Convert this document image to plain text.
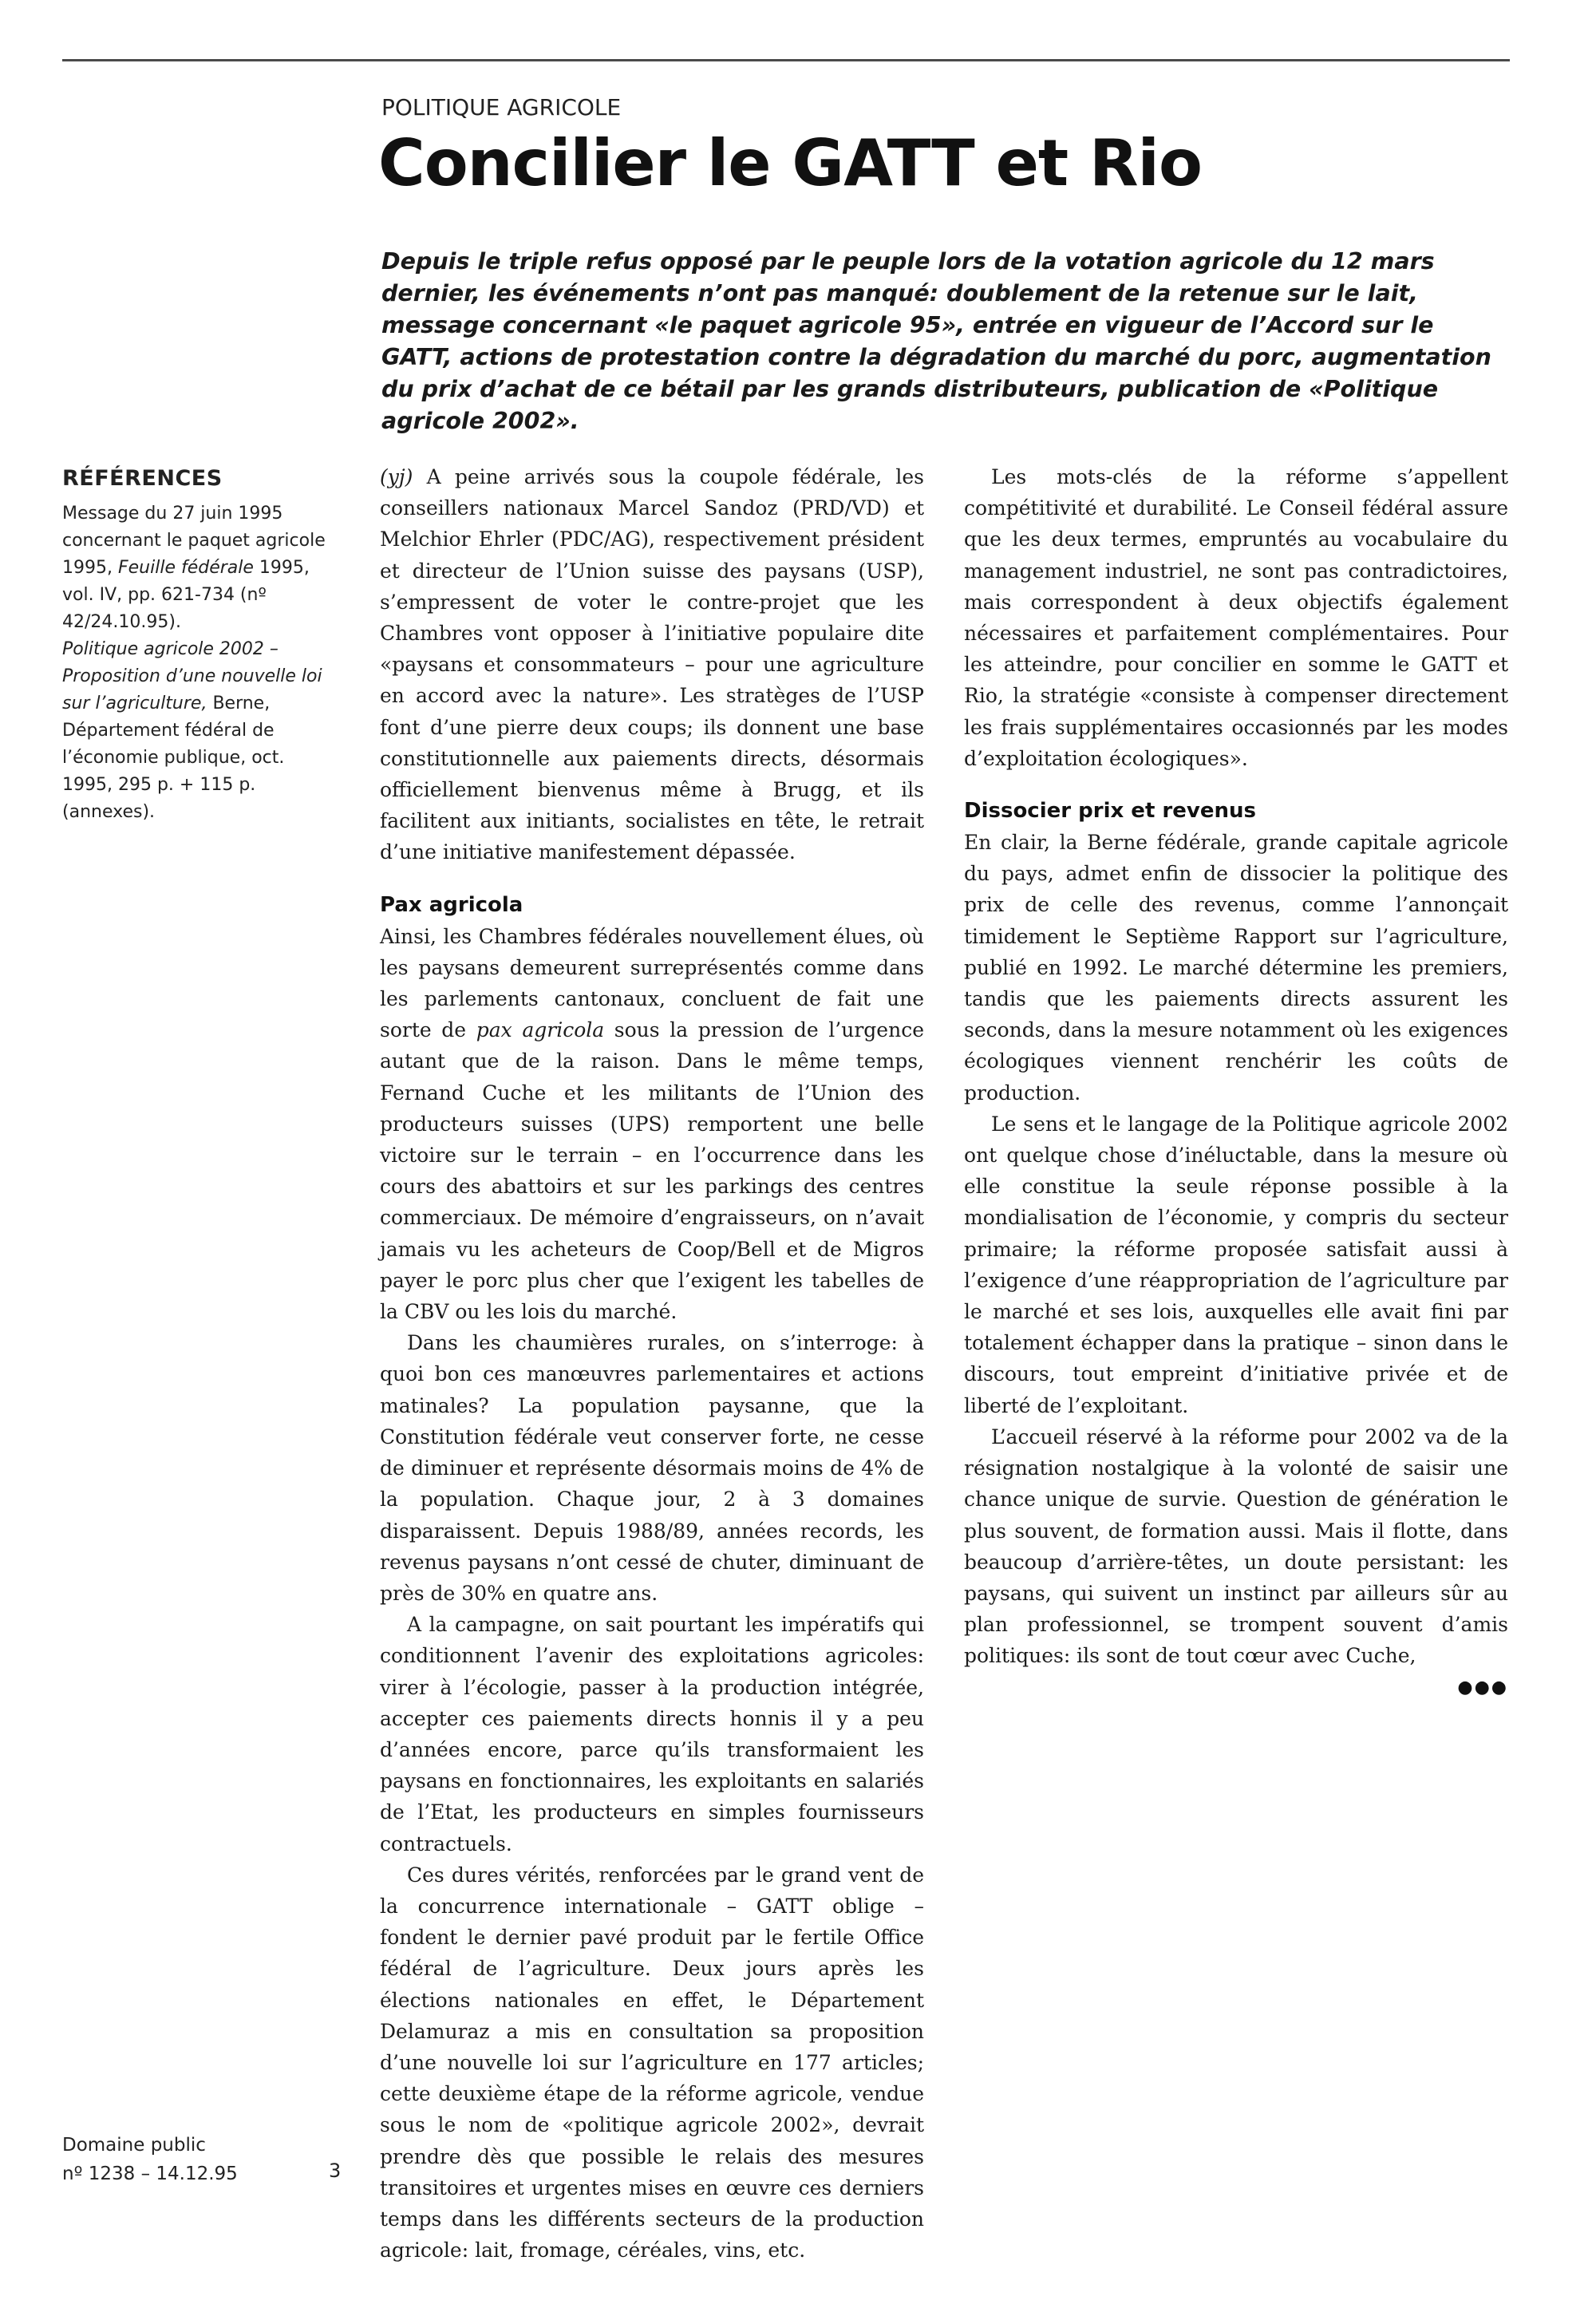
POLITIQUE AGRICOLE
Concilier le GATT et Rio

Depuis le triple refus opposé par le peuple lors de la votation agricole du 12 mars dernier, les événements n’ont pas manqué: doublement de la retenue sur le lait, message concernant «le paquet agricole 95», entrée en vigueur de l’Accord sur le GATT, actions de protestation contre la dégradation du marché du porc, augmentation du prix d’achat de ce bétail par les grands distributeurs, publication de «Politique agricole 2002».

RÉFÉRENCES

Message du 27 juin 1995 concernant le paquet agricole 1995, Feuille fédérale 1995, vol. IV, pp. 621-734 (nº 42/24.10.95).

Politique agricole 2002 – Proposition d’une nouvelle loi sur l’agriculture, Berne, Département fédéral de l’économie publique, oct. 1995, 295 p. + 115 p. (annexes).

Domaine public
nº 1238 – 14.12.95	3

(yj) A peine arrivés sous la coupole fédérale, les conseillers nationaux Marcel Sandoz (PRD/VD) et Melchior Ehrler (PDC/AG), respectivement président et directeur de l’Union suisse des paysans (USP), s’empressent de voter le contre-projet que les Chambres vont opposer à l’initiative populaire dite «paysans et consommateurs – pour une agriculture en accord avec la nature». Les stratèges de l’USP font d’une pierre deux coups; ils donnent une base constitutionnelle aux paiements directs, désormais officiellement bienvenus même à Brugg, et ils facilitent aux initiants, socialistes en tête, le retrait d’une initiative manifestement dépassée.

Pax agricola

Ainsi, les Chambres fédérales nouvellement élues, où les paysans demeurent surreprésentés comme dans les parlements cantonaux, concluent de fait une sorte de pax agricola sous la pression de l’urgence autant que de la raison. Dans le même temps, Fernand Cuche et les militants de l’Union des producteurs suisses (UPS) remportent une belle victoire sur le terrain – en l’occurrence dans les cours des abattoirs et sur les parkings des centres commerciaux. De mémoire d’engraisseurs, on n’avait jamais vu les acheteurs de Coop/Bell et de Migros payer le porc plus cher que l’exigent les tabelles de la CBV ou les lois du marché.

Dans les chaumières rurales, on s’interroge: à quoi bon ces manœuvres parlementaires et actions matinales? La population paysanne, que la Constitution fédérale veut conserver forte, ne cesse de diminuer et représente désormais moins de 4% de la population. Chaque jour, 2 à 3 domaines disparaissent. Depuis 1988/89, années records, les revenus paysans n’ont cessé de chuter, diminuant de près de 30% en quatre ans.

A la campagne, on sait pourtant les impératifs qui conditionnent l’avenir des exploitations agricoles: virer à l’écologie, passer à la production intégrée, accepter ces paiements directs honnis il y a peu d’années encore, parce qu’ils transformaient les paysans en fonctionnaires, les exploitants en salariés de l’Etat, les producteurs en simples fournisseurs contractuels.

Ces dures vérités, renforcées par le grand vent de la concurrence internationale – GATT oblige – fondent le dernier pavé produit par le fertile Office fédéral de l’agriculture. Deux jours après les élections nationales en effet, le Département Delamuraz a mis en consultation sa proposition d’une nouvelle loi sur l’agriculture en 177 articles; cette deuxième étape de la réforme agricole, vendue sous le nom de «politique agricole 2002», devrait prendre dès que possible le relais des mesures transitoires et urgentes mises en œuvre ces derniers temps dans les différents secteurs de la production agricole: lait, fromage, céréales, vins, etc.

Les mots-clés de la réforme s’appellent compétitivité et durabilité. Le Conseil fédéral assure que les deux termes, empruntés au vocabulaire du management industriel, ne sont pas contradictoires, mais correspondent à deux objectifs également nécessaires et parfaitement complémentaires. Pour les atteindre, pour concilier en somme le GATT et Rio, la stratégie «consiste à compenser directement les frais supplémentaires occasionnés par les modes d’exploitation écologiques».

Dissocier prix et revenus

En clair, la Berne fédérale, grande capitale agricole du pays, admet enfin de dissocier la politique des prix de celle des revenus, comme l’annonçait timidement le Septième Rapport sur l’agriculture, publié en 1992. Le marché détermine les premiers, tandis que les paiements directs assurent les seconds, dans la mesure notamment où les exigences écologiques viennent renchérir les coûts de production.

Le sens et le langage de la Politique agricole 2002 ont quelque chose d’inéluctable, dans la mesure où elle constitue la seule réponse possible à la mondialisation de l’économie, y compris du secteur primaire; la réforme proposée satisfait aussi à l’exigence d’une réappropriation de l’agriculture par le marché et ses lois, auxquelles elle avait fini par totalement échapper dans la pratique – sinon dans le discours, tout empreint d’initiative privée et de liberté de l’exploitant.

L’accueil réservé à la réforme pour 2002 va de la résignation nostalgique à la volonté de saisir une chance unique de survie. Question de génération le plus souvent, de formation aussi. Mais il flotte, dans beaucoup d’arrière-têtes, un doute persistant: les paysans, qui suivent un instinct par ailleurs sûr au plan professionnel, se trompent souvent d’amis politiques: ils sont de tout cœur avec Cuche,

●●●
